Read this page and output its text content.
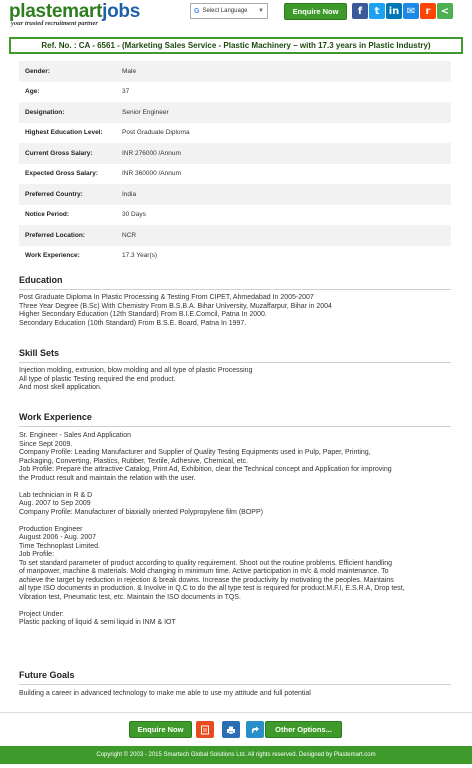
plastemartjobs
your trusted recruitment partner
G Select Language ▼	Enquire Now	f	t in ✉	r	<
Ref. No. : CA - 6561 - (Marketing Sales Service - Plastic Machinery – with 17.3 years in Plastic Industry)
Gender:	Male
Age:	37
Designation:	Senior Engineer
Highest Education Level:	Post Graduate Diploma
Current Gross Salary:	INR 276000 /Annum
Expected Gross Salary:	INR 360000 /Annum
Preferred Country:	India
Notice Period:	30 Days
Preferred Location:	NCR
Work Experience:	17.3 Year(s)
Education
Post Graduate Diploma In Plastic Processing & Testing From CIPET, Ahmedabad In 2005-2007
Three Year Degree (B.Sc) With Chemistry From B.S.B.A. Bihar University, Muzaffarpur, Bihar in 2004
Higher Secondary Education (12th Standard) From B.I.E.Comcil, Patna In 2000.
Secondary Education (10th Standard) From B.S.E. Board, Patna In 1997.
Skill Sets
Injection molding, extrusion, blow molding and all type of plastic Processing
All type of plastic Testing required the end product.
And most skell application.
Work Experience
Sr. Engineer - Sales And Application
Since Sept 2009.
Company Profile: Leading Manufacturer and Supplier of Quality Testing Equipments used in Pulp, Paper, Printing,
Packaging, Converting, Plastics, Rubber, Textile, Adhesive, Chemical, etc.
Job Profile: Prepare the attractive Catalog, Print Ad, Exhibition, clear the Technical concept and Application for improving
the Product result and maintain the relation with the user.
Lab technician in R & D
Aug. 2007 to Sep 2009
Company Profile: Manufacturer of biaxially oriented Polypropylene film (BOPP)
Production Engineer
August 2006 - Aug. 2007
Time Technoplast Limited.
Job Profile:
To set standard parameter of product according to quality requirement. Shoot out the routine problems. Efficient handling
of manpower, machine & materials. Mold changing in minimum time. Active participation in m/c & mold maintenance. To
achieve the target by reduction in rejection & break downs. Increase the productivity by motivating the peoples. Maintains
all type ISO documents in production. & Involve in Q.C to do the all type test is required for product.M.F.I, E.S.R.A, Drop test,
Vibration test, Pneumatic test, etc. Maintain the ISO documents in TQS.
Project Under:
Plastic packing of liquid & semi liquid in INM & IOT
Future Goals
Building a career in advanced technology to make me able to use my attitude and full potential
Enquire Now	Other Options...
Copyright © 2003 - 2015 Smartech Global Solutions Ltd. All rights reserved. Designed by Plastemart.com
